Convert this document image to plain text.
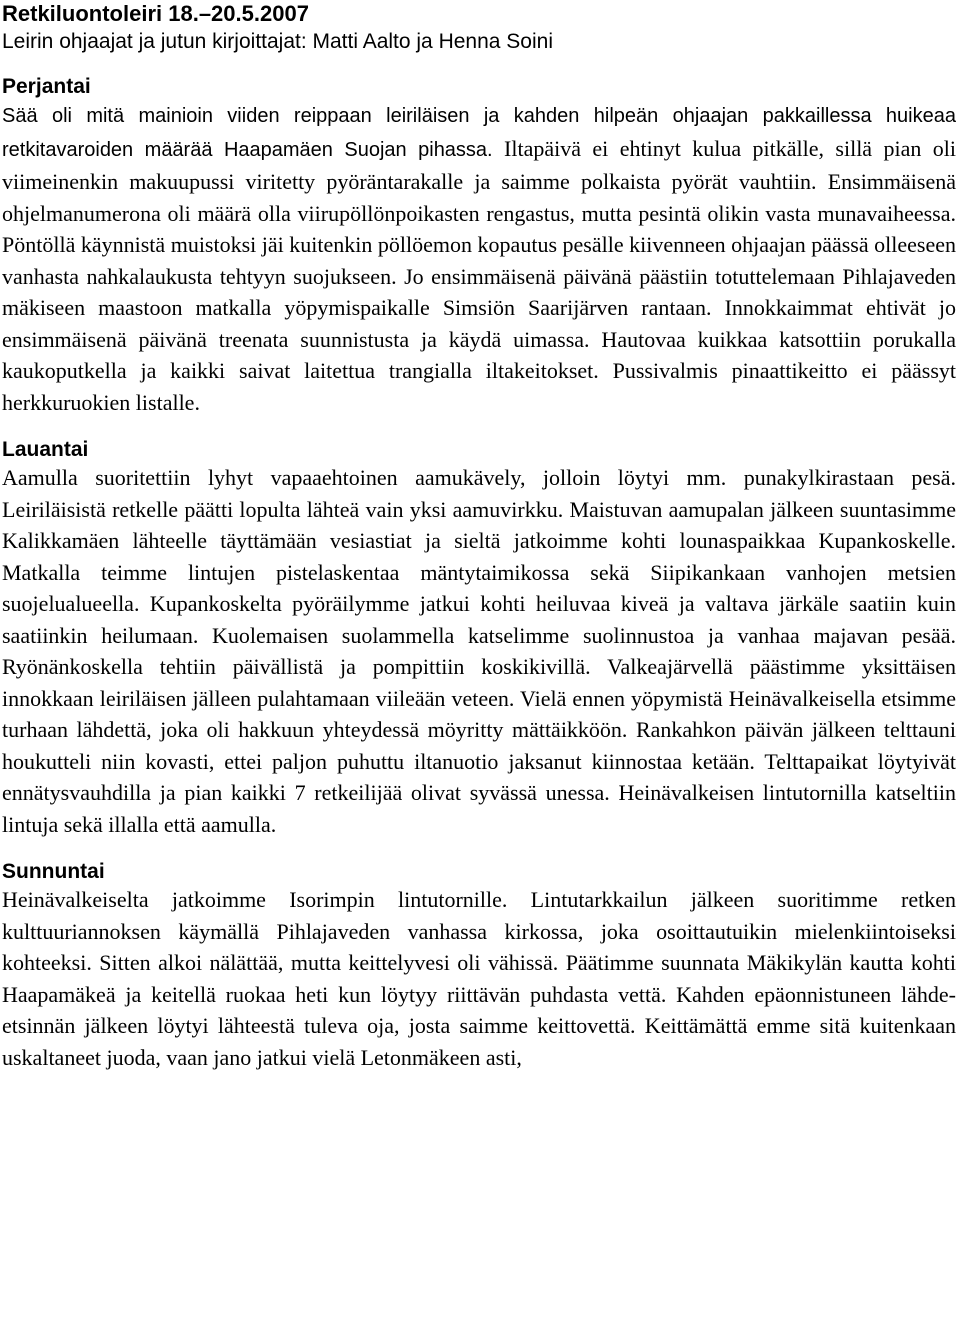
Retkiluontoleiri 18.–20.5.2007

Leirin ohjaajat ja jutun kirjoittajat: Matti Aalto ja Henna Soini

Perjantai

Sää oli mitä mainioin viiden reippaan leiriläisen ja kahden hilpeän ohjaajan pakkaillessa huikeaa retkitavaroiden määrää Haapamäen Suojan pihassa. Iltapäivä ei ehtinyt kulua pitkälle, sillä pian oli viimeinenkin makuupussi viritetty pyöräntarakalle ja saimme polkaista pyörät vauhtiin. Ensimmäisenä ohjelmanumerona oli määrä olla viirupöllönpoikasten rengastus, mutta pesintä olikin vasta munavaiheessa. Pöntöllä käynnistä muistoksi jäi kuitenkin pöllöemon kopautus pesälle kiivenneen ohjaajan päässä olleeseen vanhasta nahkalaukusta tehtyyn suojukseen. Jo ensimmäisenä päivänä päästiin totuttelemaan Pihlajaveden mäkiseen maastoon matkalla yöpymispaikalle Simsiön Saarijärven rantaan. Innokkaimmat ehtivät jo ensimmäisenä päivänä treenata suunnistusta ja käydä uimassa. Hautovaa kuikkaa katsottiin porukalla kaukoputkella ja kaikki saivat laitettua trangialla iltakeitokset. Pussivalmis pinaattikeitto ei päässyt herkkuruokien listalle.

Lauantai

Aamulla suoritettiin lyhyt vapaaehtoinen aamukävely, jolloin löytyi mm. punakylkirastaan pesä. Leiriläisistä retkelle päätti lopulta lähteä vain yksi aamuvirkku. Maistuvan aamupalan jälkeen suuntasimme Kalikkamäen lähteelle täyttämään vesiastiat ja sieltä jatkoimme kohti lounaspaikkaa Kupankoskelle. Matkalla teimme lintujen pistelaskentaa mäntytaimikossa sekä Siipikankaan vanhojen metsien suojelualueella. Kupankoskelta pyöräilymme jatkui kohti heiluvaa kiveä ja valtava järkäle saatiin kuin saatiinkin heilumaan. Kuolemaisen suolammella katselimme suolinnustoa ja vanhaa majavan pesää. Ryönänkoskella tehtiin päivällistä ja pompittiin koskikivillä. Valkeajärvellä päästimme yksittäisen innokkaan leiriläisen jälleen pulahtamaan viileään veteen. Vielä ennen yöpymistä Heinävalkeisella etsimme turhaan lähdettä, joka oli hakkuun yhteydessä möyritty mättäikköön. Rankahkon päivän jälkeen telttauni houkutteli niin kovasti, ettei paljon puhuttu iltanuotio jaksanut kiinnostaa ketään. Telttapaikat löytyivät ennätysvauhdilla ja pian kaikki 7 retkeilijää olivat syvässä unessa. Heinävalkeisen lintutornilla katseltiin lintuja sekä illalla että aamulla.

Sunnuntai

Heinävalkeiselta jatkoimme Isorimpin lintutornille. Lintutarkkailun jälkeen suoritimme retken kulttuuriannoksen käymällä Pihlajaveden vanhassa kirkossa, joka osoittautuikin mielenkiintoiseksi kohteeksi. Sitten alkoi nälättää, mutta keittelyvesi oli vähissä. Päätimme suunnata Mäkikylän kautta kohti Haapamäkeä ja keitellä ruokaa heti kun löytyy riittävän puhdasta vettä. Kahden epäonnistuneen lähde-etsinnän jälkeen löytyi lähteestä tuleva oja, josta saimme keittovettä. Keittämättä emme sitä kuitenkaan uskaltaneet juoda, vaan jano jatkui vielä Letonmäkeen asti,
